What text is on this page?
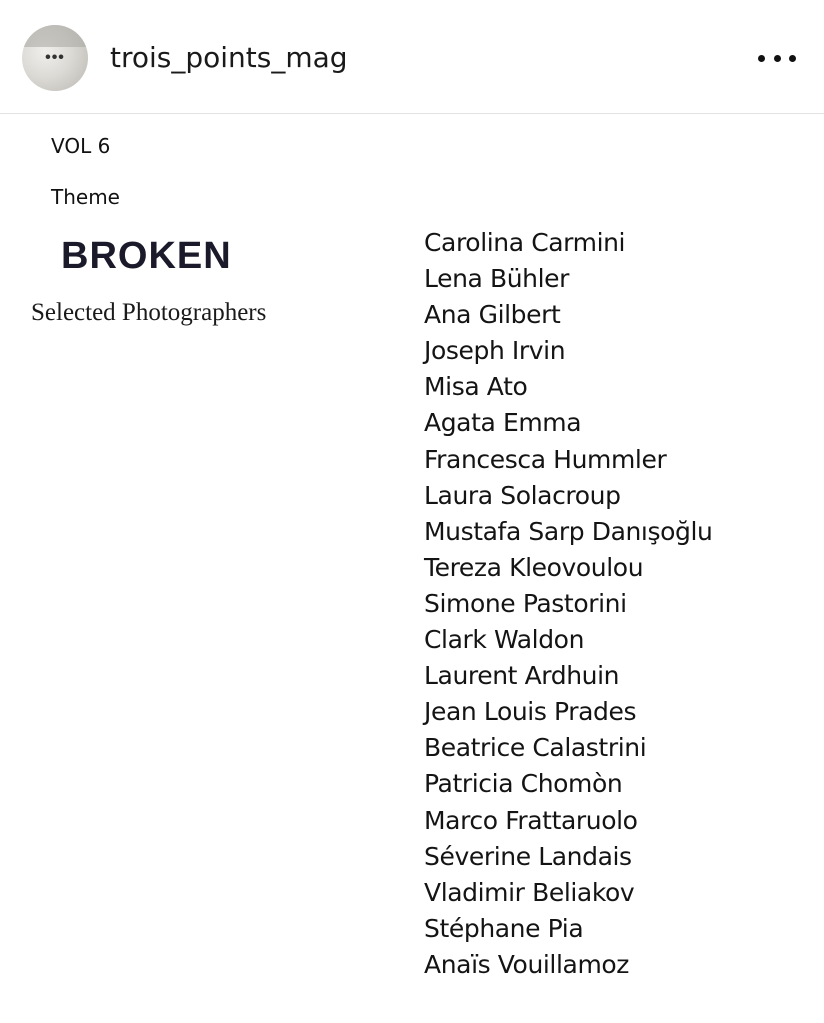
•••	trois_points_mag
VOL 6
Theme
BROKEN
Selected Photographers
Carolina Carmini
Lena Bühler
Ana Gilbert
Joseph Irvin
Misa Ato
Agata Emma
Francesca Hummler
Laura Solacroup
Mustafa Sarp Danışoğlu
Tereza Kleovoulou
Simone Pastorini
Clark Waldon
Laurent Ardhuin
Jean Louis Prades
Beatrice Calastrini
Patricia Chomòn
Marco Frattaruolo
Séverine Landais
Vladimir Beliakov
Stéphane Pia
Anaïs Vouillamoz
